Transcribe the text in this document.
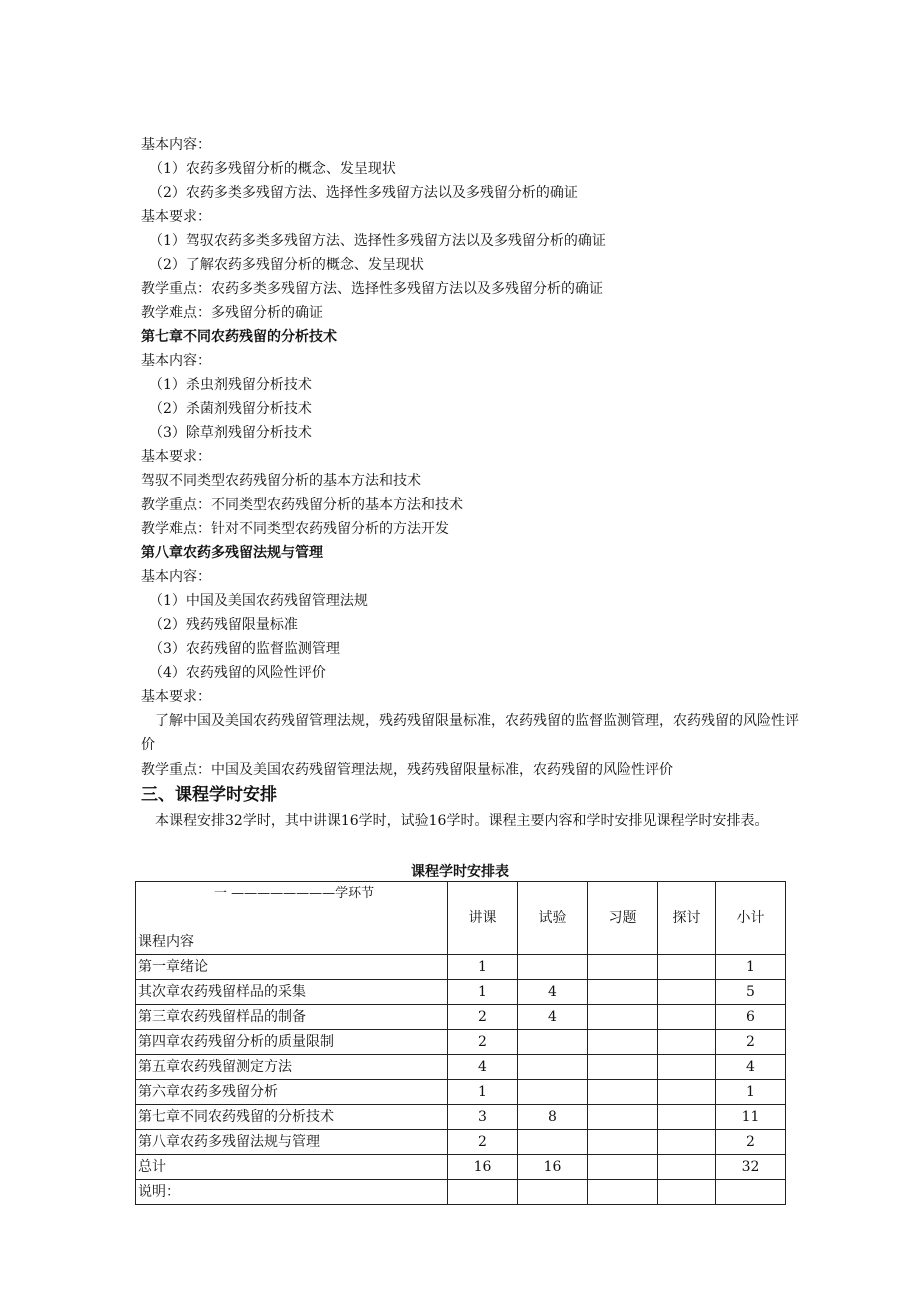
基本内容：
（1）农药多残留分析的概念、发呈现状
（2）农药多类多残留方法、选择性多残留方法以及多残留分析的确证
基本要求：
（1）驾驭农药多类多残留方法、选择性多残留方法以及多残留分析的确证
（2）了解农药多残留分析的概念、发呈现状
教学重点：农药多类多残留方法、选择性多残留方法以及多残留分析的确证
教学难点：多残留分析的确证
第七章不同农药残留的分析技术
基本内容：
（1）杀虫剂残留分析技术
（2）杀菌剂残留分析技术
（3）除草剂残留分析技术
基本要求：
驾驭不同类型农药残留分析的基本方法和技术
教学重点：不同类型农药残留分析的基本方法和技术
教学难点：针对不同类型农药残留分析的方法开发
第八章农药多残留法规与管理
基本内容：
（1）中国及美国农药残留管理法规
（2）残药残留限量标准
（3）农药残留的监督监测管理
（4）农药残留的风险性评价
基本要求：
了解中国及美国农药残留管理法规，残药残留限量标准，农药残留的监督监测管理，农药残留的风险性评价
教学重点：中国及美国农药残留管理法规，残药残留限量标准，农药残留的风险性评价
三、课程学时安排
本课程安排32学时，其中讲课16学时，试验16学时。课程主要内容和学时安排见课程学时安排表。
课程学时安排表
一 ————————学环节
课程内容	讲课	试验	习题	探讨	小计
第一章绪论	1				1
其次章农药残留样品的采集	1	4			5
第三章农药残留样品的制备	2	4			6
第四章农药残留分析的质量限制	2				2
第五章农药残留测定方法	4				4
第六章农药多残留分析	1				1
第七章不同农药残留的分析技术	3	8			11
第八章农药多残留法规与管理	2				2
总计	16	16			32
说明：					
